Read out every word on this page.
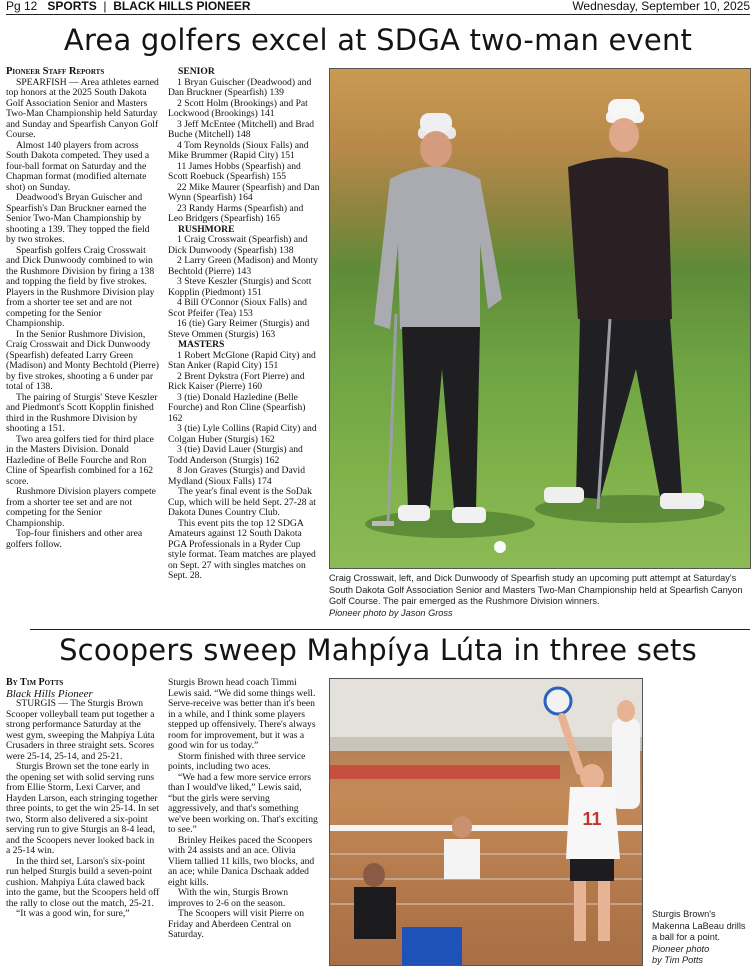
Pg 12 SPORTS | BLACK HILLS PIONEER	Wednesday, September 10, 2025
Area golfers excel at SDGA two-man event

Pioneer Staff Reports

SPEARFISH — Area athletes earned top honors at the 2025 South Dakota Golf Association Senior and Masters Two-Man Championship held Saturday and Sunday and Spearfish Canyon Golf Course.

Almost 140 players from across South Dakota competed. They used a four-ball format on Saturday and the Chapman format (modified alternate shot) on Sunday.

Deadwood's Bryan Guischer and Spearfish's Dan Bruckner earned the Senior Two-Man Championship by shooting a 139. They topped the field by two strokes.

Spearfish golfers Craig Crosswait and Dick Dunwoody combined to win the Rushmore Division by firing a 138 and topping the field by five strokes. Players in the Rushmore Division play from a shorter tee set and are not competing for the Senior Championship.

In the Senior Rushmore Division, Craig Crosswait and Dick Dunwoody (Spearfish) defeated Larry Green (Madison) and Monty Bechtold (Pierre) by five strokes, shooting a 6 under par total of 138.

The pairing of Sturgis' Steve Keszler and Piedmont's Scott Kopplin finished third in the Rushmore Division by shooting a 151.

Two area golfers tied for third place in the Masters Division. Donald Hazledine of Belle Fourche and Ron Cline of Spearfish combined for a 162 score.

Rushmore Division players compete from a shorter tee set and are not competing for the Senior Championship.

Top-four finishers and other area golfers follow.

SENIOR

1 Bryan Guischer (Deadwood) and Dan Bruckner (Spearfish) 139

2 Scott Holm (Brookings) and Pat Lockwood (Brookings) 141

3 Jeff McEntee (Mitchell) and Brad Buche (Mitchell) 148

4 Tom Reynolds (Sioux Falls) and Mike Brummer (Rapid City) 151

11 James Hobbs (Spearfish) and Scott Roebuck (Spearfish) 155

22 Mike Maurer (Spearfish) and Dan Wynn (Spearfish) 164

23 Randy Harms (Spearfish) and Leo Bridgers (Spearfish) 165

RUSHMORE

1 Craig Crosswait (Spearfish) and Dick Dunwoody (Spearfish) 138

2 Larry Green (Madison) and Monty Bechtold (Pierre) 143

3 Steve Keszler (Sturgis) and Scott Kopplin (Piedmont) 151

4 Bill O'Connor (Sioux Falls) and Scot Pfeifer (Tea) 153

16 (tie) Gary Reimer (Sturgis) and Steve Ommen (Sturgis) 163

MASTERS

1 Robert McGlone (Rapid City) and Stan Anker (Rapid City) 151

2 Brent Dykstra (Fort Pierre) and Rick Kaiser (Pierre) 160

3 (tie) Donald Hazledine (Belle Fourche) and Ron Cline (Spearfish) 162

3 (tie) Lyle Collins (Rapid City) and Colgan Huber (Sturgis) 162

3 (tie) David Lauer (Sturgis) and Todd Anderson (Sturgis) 162

8 Jon Graves (Sturgis) and David Mydland (Sioux Falls) 174

The year's final event is the SoDak Cup, which will be held Sept. 27-28 at Dakota Dunes Country Club.

This event pits the top 12 SDGA Amateurs against 12 South Dakota PGA Professionals in a Ryder Cup style format. Team matches are played on Sept. 27 with singles matches on Sept. 28.	Craig Crosswait, left, and Dick Dunwoody of Spearfish study an upcoming putt attempt at Saturday's South Dakota Golf Association Senior and Masters Two-Man Championship held at Spearfish Canyon Golf Course. The pair emerged as the Rushmore Division winners.
Pioneer photo by Jason Gross
Scoopers sweep Mahpíya Lúta in three sets

By Tim Potts

Black Hills Pioneer

STURGIS — The Sturgis Brown Scooper volleyball team put together a strong performance Saturday at the west gym, sweeping the Mahpíya Lúta Crusaders in three straight sets. Scores were 25-14, 25-14, and 25-21.

Sturgis Brown set the tone early in the opening set with solid serving runs from Ellie Storm, Lexi Carver, and Hayden Larson, each stringing together three points, to get the win 25-14. In set two, Storm also delivered a six-point serving run to give Sturgis an 8-4 lead, and the Scoopers never looked back in a 25-14 win.

In the third set, Larson's six-point run helped Sturgis build a seven-point cushion. Mahpíya Lúta clawed back into the game, but the Scoopers held off the rally to close out the match, 25-21.

“It was a good win, for sure,”

Sturgis Brown head coach Timmi Lewis said. “We did some things well. Serve-receive was better than it's been in a while, and I think some players stepped up offensively. There's always room for improvement, but it was a good win for us today.”

Storm finished with three service points, including two aces.

“We had a few more service errors than I would've liked,” Lewis said, “but the girls were serving aggressively, and that's something we've been working on. That's exciting to see.”

Brinley Heikes paced the Scoopers with 24 assists and an ace. Olivia Vliem tallied 11 kills, two blocks, and an ace; while Danica Dschaak added eight kills.

With the win, Sturgis Brown improves to 2-6 on the season.

The Scoopers will visit Pierre on Friday and Aberdeen Central on Saturday.

11
Sturgis Brown's Makenna LaBeau drills a ball for a point.
Pioneer photo
by Tim Potts
